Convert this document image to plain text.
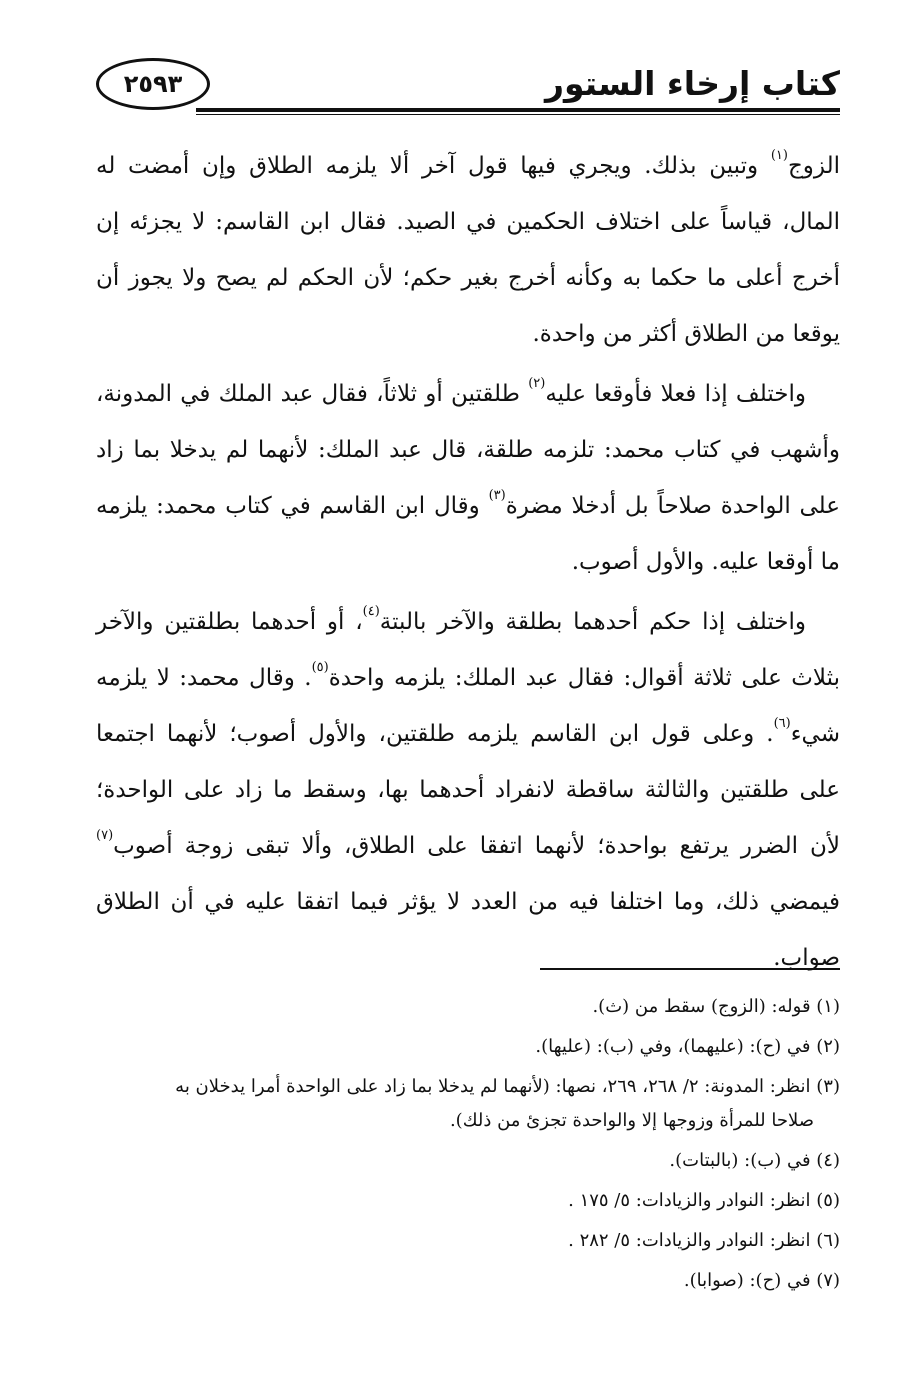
٢٥٩٣	كتاب إرخاء الستور

الزوج$^{(١)}$ وتبين بذلك. ويجري فيها قول آخر ألا يلزمه الطلاق وإن أمضت له المال، قياساً على اختلاف الحكمين في الصيد. فقال ابن القاسم: لا يجزئه إن أخرج أعلى ما حكما به وكأنه أخرج بغير حكم؛ لأن الحكم لم يصح ولا يجوز أن يوقعا من الطلاق أكثر من واحدة.

واختلف إذا فعلا فأوقعا عليه$^{(٢)}$ طلقتين أو ثلاثاً، فقال عبد الملك في المدونة، وأشهب في كتاب محمد: تلزمه طلقة، قال عبد الملك: لأنهما لم يدخلا بما زاد على الواحدة صلاحاً بل أدخلا مضرة$^{(٣)}$ وقال ابن القاسم في كتاب محمد: يلزمه ما أوقعا عليه. والأول أصوب.

واختلف إذا حكم أحدهما بطلقة والآخر بالبتة$^{(٤)}$، أو أحدهما بطلقتين والآخر بثلاث على ثلاثة أقوال: فقال عبد الملك: يلزمه واحدة$^{(٥)}$. وقال محمد: لا يلزمه شيء$^{(٦)}$. وعلى قول ابن القاسم يلزمه طلقتين، والأول أصوب؛ لأنهما اجتمعا على طلقتين والثالثة ساقطة لانفراد أحدهما بها، وسقط ما زاد على الواحدة؛ لأن الضرر يرتفع بواحدة؛ لأنهما اتفقا على الطلاق، وألا تبقى زوجة أصوب$^{(٧)}$ فيمضي ذلك، وما اختلفا فيه من العدد لا يؤثر فيما اتفقا عليه في أن الطلاق صواب.

(١) قوله: (الزوج) سقط من (ث).

(٢) في (ح): (عليهما)، وفي (ب): (عليها).

(٣) انظر: المدونة: ٢/ ٢٦٨، ٢٦٩، نصها: (لأنهما لم يدخلا بما زاد على الواحدة أمرا يدخلان به

صلاحا للمرأة وزوجها إلا والواحدة تجزئ من ذلك).

(٤) في (ب): (بالبتات).

(٥) انظر: النوادر والزيادات: ٥/ ١٧٥ .

(٦) انظر: النوادر والزيادات: ٥/ ٢٨٢ .

(٧) في (ح): (صوابا).
